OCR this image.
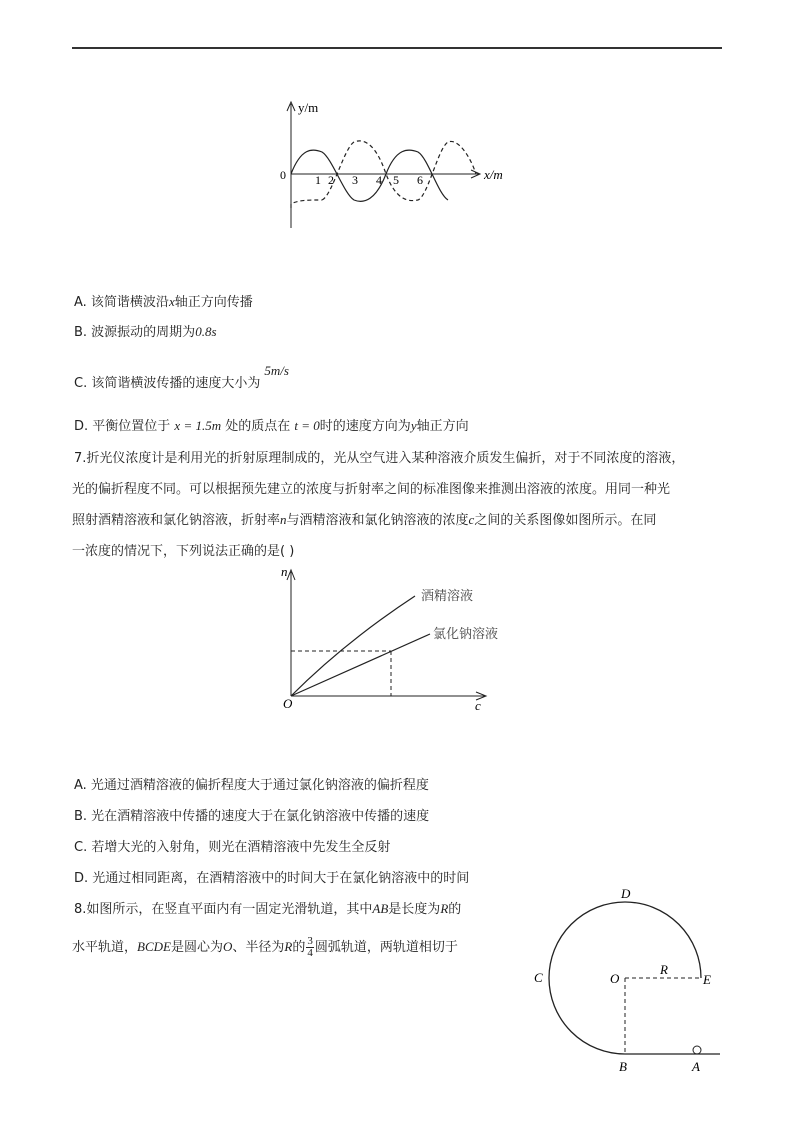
y/m
x/m
0 1 2 3 4 5 6
A. 该简谐横波沿x轴正方向传播
B. 波源振动的周期为0.8s
C. 该简谐横波传播的速度大小为5m/s
D. 平衡位置位于 x = 1.5m 处的质点在 t = 0时的速度方向为y轴正方向
7.折光仪浓度计是利用光的折射原理制成的，光从空气进入某种溶液介质发生偏折，对于不同浓度的溶液，
光的偏折程度不同。可以根据预先建立的浓度与折射率之间的标准图像来推测出溶液的浓度。用同一种光
照射酒精溶液和氯化钠溶液，折射率n与酒精溶液和氯化钠溶液的浓度c之间的关系图像如图所示。在同
一浓度的情况下，下列说法正确的是( )
n
c
O
酒精溶液
氯化钠溶液
A. 光通过酒精溶液的偏折程度大于通过氯化钠溶液的偏折程度
B. 光在酒精溶液中传播的速度大于在氯化钠溶液中传播的速度
C. 若增大光的入射角，则光在酒精溶液中先发生全反射
D. 光通过相同距离，在酒精溶液中的时间大于在氯化钠溶液中的时间
8.如图所示，在竖直平面内有一固定光滑轨道，其中AB是长度为R的
水平轨道，BCDE是圆心为O、半径为R的 $\frac{3}{4}$ 圆弧轨道，两轨道相切于
D
C	O
R
E
B	A
